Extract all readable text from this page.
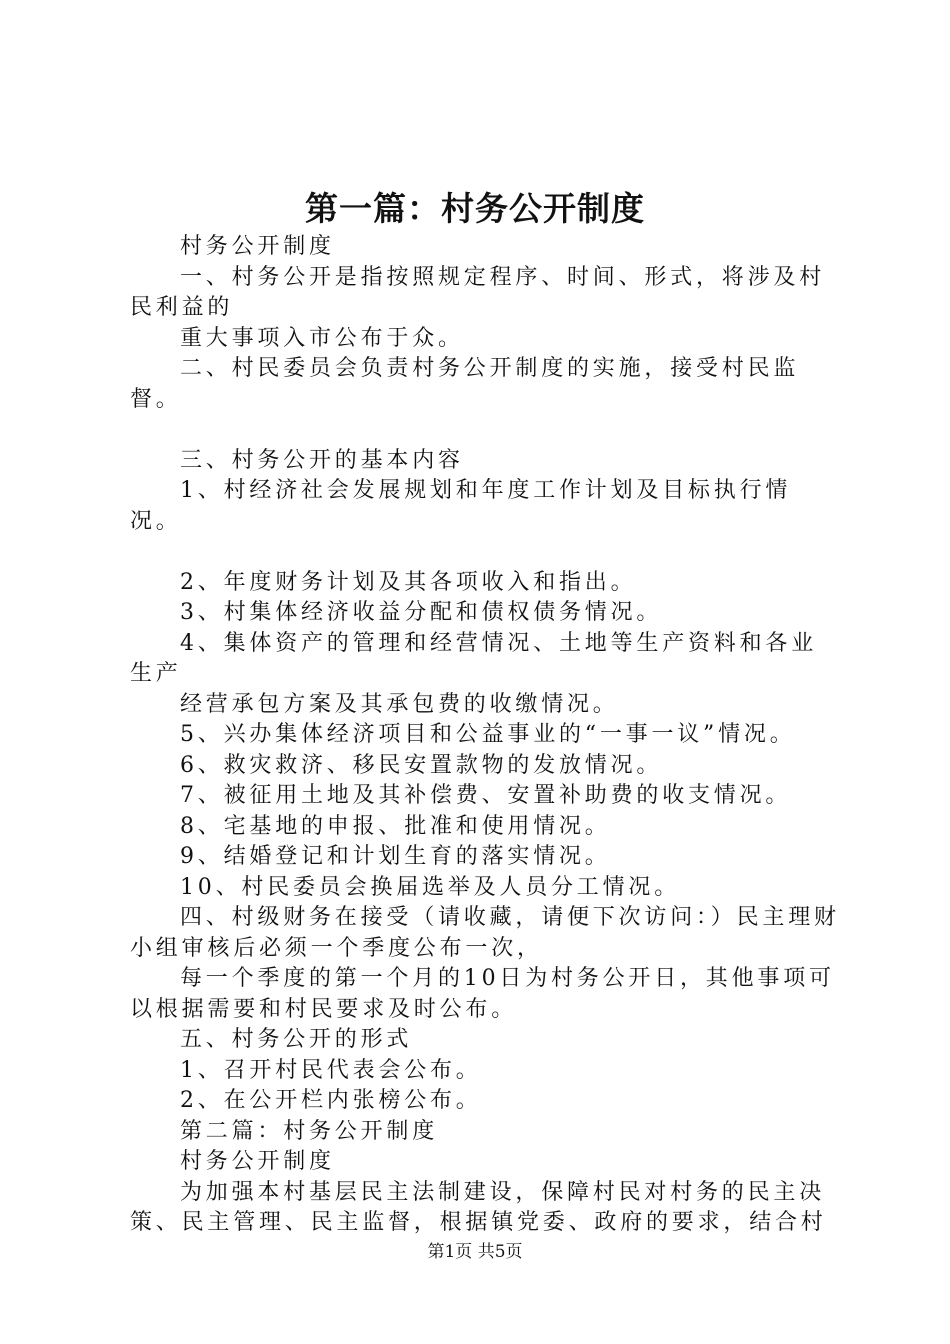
第一篇：村务公开制度

村务公开制度

一、村务公开是指按照规定程序、时间、形式，将涉及村民利益的

重大事项入市公布于众。

二、村民委员会负责村务公开制度的实施，接受村民监督。

三、村务公开的基本内容

1、村经济社会发展规划和年度工作计划及目标执行情况。

2、年度财务计划及其各项收入和指出。

3、村集体经济收益分配和债权债务情况。

4、集体资产的管理和经营情况、土地等生产资料和各业生产

经营承包方案及其承包费的收缴情况。

5、兴办集体经济项目和公益事业的“一事一议”情况。

6、救灾救济、移民安置款物的发放情况。

7、被征用土地及其补偿费、安置补助费的收支情况。

8、宅基地的申报、批准和使用情况。

9、结婚登记和计划生育的落实情况。

10、村民委员会换届选举及人员分工情况。

四、村级财务在接受（请收藏，请便下次访问：）民主理财小组审核后必须一个季度公布一次，

每一个季度的第一个月的10日为村务公开日，其他事项可以根据需要和村民要求及时公布。

五、村务公开的形式

1、召开村民代表会公布。

2、在公开栏内张榜公布。

第二篇：村务公开制度

村务公开制度

为加强本村基层民主法制建设，保障村民对村务的民主决策、民主管理、民主监督，根据镇党委、政府的要求，结合村

第1页 共5页
